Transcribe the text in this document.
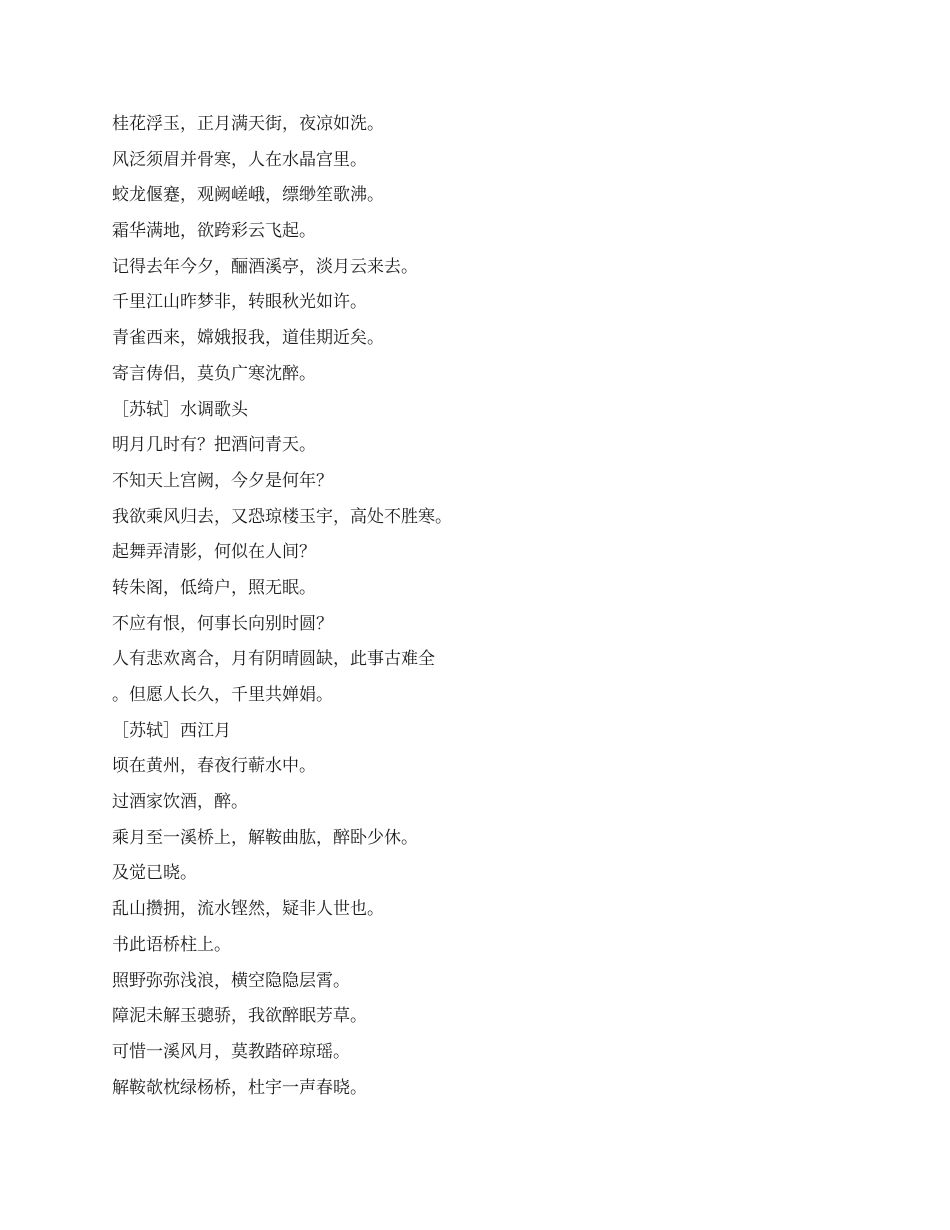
桂花浮玉，正月满天街，夜凉如洗。
风泛须眉并骨寒，人在水晶宫里。
蛟龙偃蹇，观阙嵯峨，缥缈笙歌沸。
霜华满地，欲跨彩云飞起。
记得去年今夕，酾酒溪亭，淡月云来去。
千里江山昨梦非，转眼秋光如许。
青雀西来，嫦娥报我，道佳期近矣。
寄言俦侣，莫负广寒沈醉。
［苏轼］水调歌头
明月几时有？把酒问青天。
不知天上宫阙，今夕是何年？
我欲乘风归去，又恐琼楼玉宇，高处不胜寒。
起舞弄清影，何似在人间？
转朱阁，低绮户，照无眠。
不应有恨，何事长向别时圆？
人有悲欢离合，月有阴晴圆缺，此事古难全
。但愿人长久，千里共婵娟。
［苏轼］西江月
顷在黄州，春夜行蕲水中。
过酒家饮酒，醉。
乘月至一溪桥上，解鞍曲肱，醉卧少休。
及觉已晓。
乱山攒拥，流水铿然，疑非人世也。
书此语桥柱上。
照野弥弥浅浪，横空隐隐层霄。
障泥未解玉骢骄，我欲醉眠芳草。
可惜一溪风月，莫教踏碎琼瑶。
解鞍欹枕绿杨桥，杜宇一声春晓。
